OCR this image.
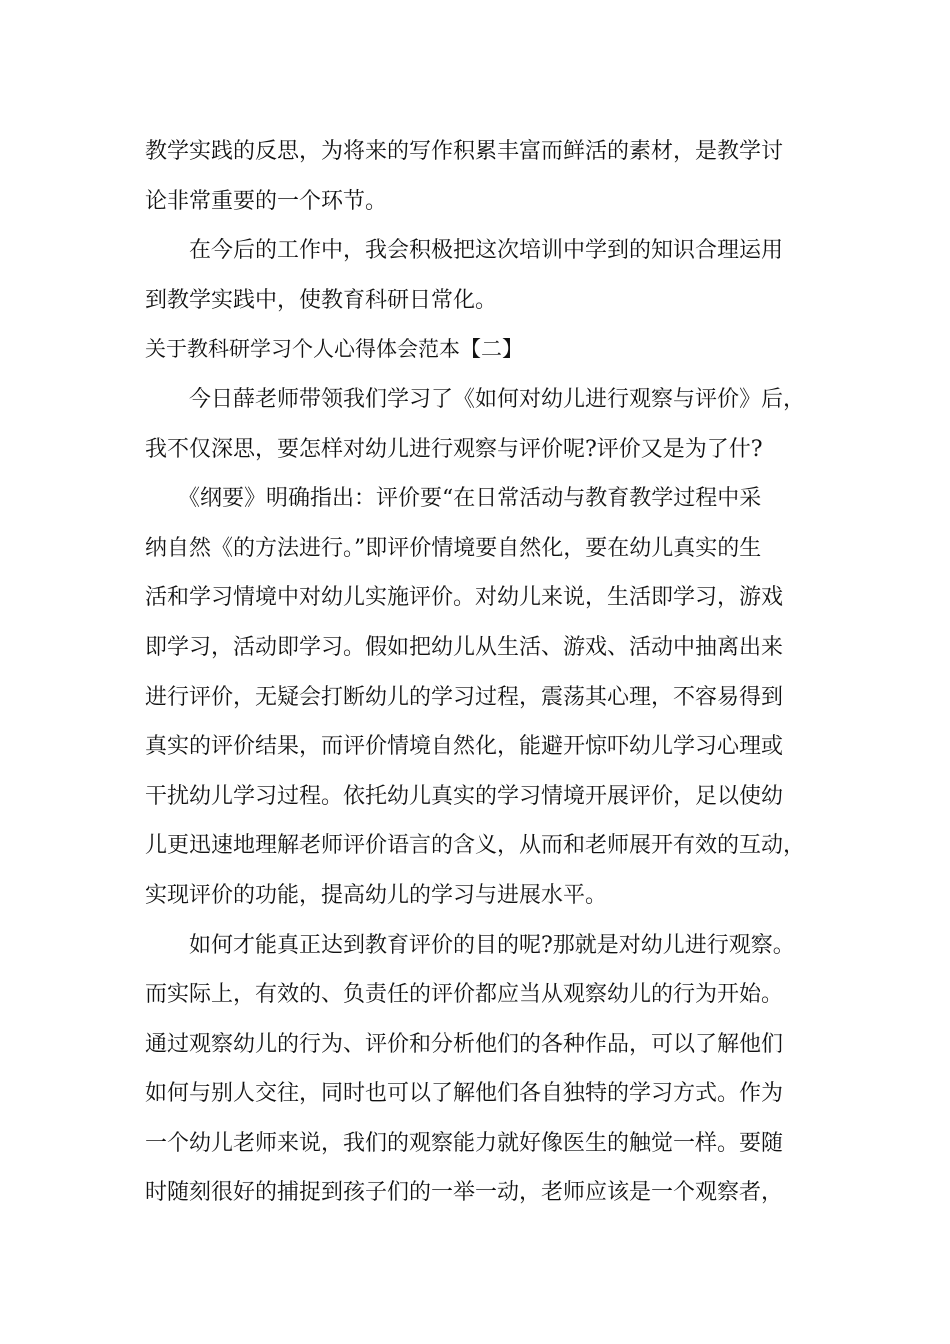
教学实践的反思，为将来的写作积累丰富而鲜活的素材，是教学讨
论非常重要的一个环节。
　　在今后的工作中，我会积极把这次培训中学到的知识合理运用
到教学实践中，使教育科研日常化。
关于教科研学习个人心得体会范本【二】
　　今日薛老师带领我们学习了《如何对幼儿进行观察与评价》后，
我不仅深思，要怎样对幼儿进行观察与评价呢?评价又是为了什?
　　《纲要》明确指出：评价要“在日常活动与教育教学过程中采
纳自然《的方法进行。”即评价情境要自然化，要在幼儿真实的生
活和学习情境中对幼儿实施评价。对幼儿来说，生活即学习，游戏
即学习，活动即学习。假如把幼儿从生活、游戏、活动中抽离出来
进行评价，无疑会打断幼儿的学习过程，震荡其心理，不容易得到
真实的评价结果，而评价情境自然化，能避开惊吓幼儿学习心理或
干扰幼儿学习过程。依托幼儿真实的学习情境开展评价，足以使幼
儿更迅速地理解老师评价语言的含义，从而和老师展开有效的互动，
实现评价的功能，提高幼儿的学习与进展水平。
　　如何才能真正达到教育评价的目的呢?那就是对幼儿进行观察。
而实际上，有效的、负责任的评价都应当从观察幼儿的行为开始。
通过观察幼儿的行为、评价和分析他们的各种作品，可以了解他们
如何与别人交往，同时也可以了解他们各自独特的学习方式。作为
一个幼儿老师来说，我们的观察能力就好像医生的触觉一样。要随
时随刻很好的捕捉到孩子们的一举一动，老师应该是一个观察者，
